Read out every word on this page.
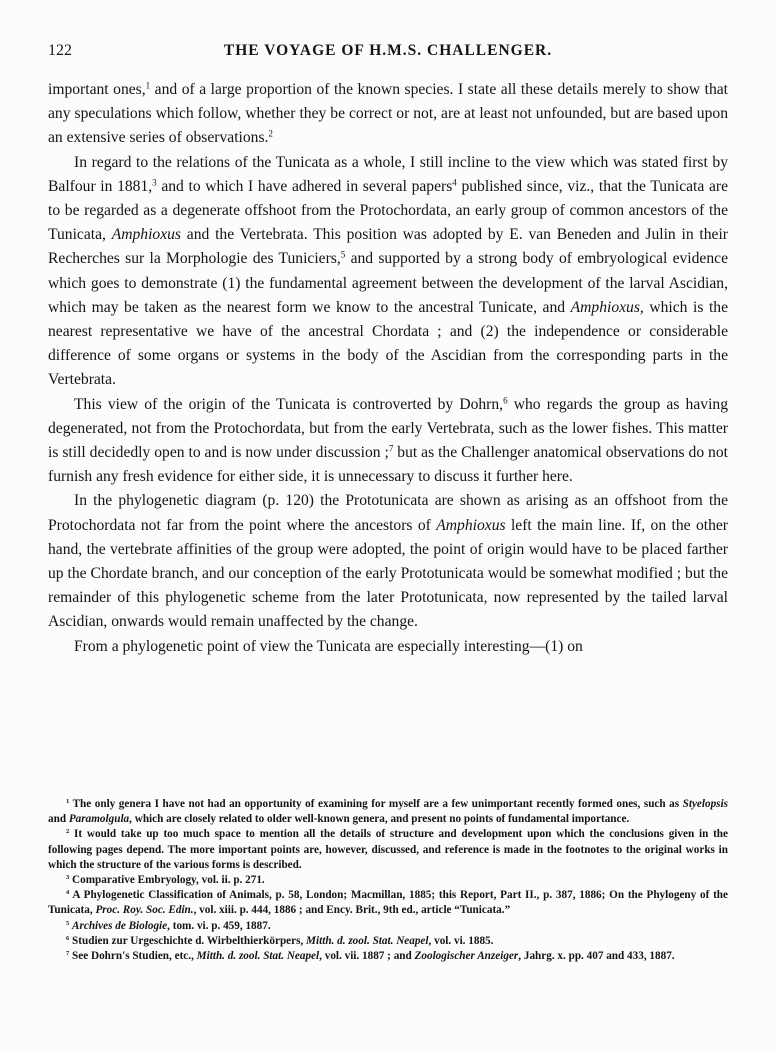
122	THE VOYAGE OF H.M.S. CHALLENGER.

important ones,$^1$ and of a large proportion of the known species. I state all these details merely to show that any speculations which follow, whether they be correct or not, are at least not unfounded, but are based upon an extensive series of observations.$^2$

In regard to the relations of the Tunicata as a whole, I still incline to the view which was stated first by Balfour in 1881,$^3$ and to which I have adhered in several papers$^4$ published since, viz., that the Tunicata are to be regarded as a degenerate offshoot from the Protochordata, an early group of common ancestors of the Tunicata, Amphioxus and the Vertebrata. This position was adopted by E. van Beneden and Julin in their Recherches sur la Morphologie des Tuniciers,$^5$ and supported by a strong body of embryological evidence which goes to demonstrate (1) the fundamental agreement between the development of the larval Ascidian, which may be taken as the nearest form we know to the ancestral Tunicate, and Amphioxus, which is the nearest representative we have of the ancestral Chordata ; and (2) the independence or considerable difference of some organs or systems in the body of the Ascidian from the corresponding parts in the Vertebrata.

This view of the origin of the Tunicata is controverted by Dohrn,$^6$ who regards the group as having degenerated, not from the Protochordata, but from the early Vertebrata, such as the lower fishes. This matter is still decidedly open to and is now under discussion ;$^7$ but as the Challenger anatomical observations do not furnish any fresh evidence for either side, it is unnecessary to discuss it further here.

In the phylogenetic diagram (p. 120) the Prototunicata are shown as arising as an offshoot from the Protochordata not far from the point where the ancestors of Amphioxus left the main line. If, on the other hand, the vertebrate affinities of the group were adopted, the point of origin would have to be placed farther up the Chordate branch, and our conception of the early Prototunicata would be somewhat modified ; but the remainder of this phylogenetic scheme from the later Prototunicata, now represented by the tailed larval Ascidian, onwards would remain unaffected by the change.

From a phylogenetic point of view the Tunicata are especially interesting—(1) on

$^1$ The only genera I have not had an opportunity of examining for myself are a few unimportant recently formed ones, such as Styelopsis and Paramolgula, which are closely related to older well-known genera, and present no points of fundamental importance.

$^2$ It would take up too much space to mention all the details of structure and development upon which the conclusions given in the following pages depend. The more important points are, however, discussed, and reference is made in the footnotes to the original works in which the structure of the various forms is described.

$^3$ Comparative Embryology, vol. ii. p. 271.

$^4$ A Phylogenetic Classification of Animals, p. 58, London; Macmillan, 1885; this Report, Part II., p. 387, 1886; On the Phylogeny of the Tunicata, Proc. Roy. Soc. Edin., vol. xiii. p. 444, 1886 ; and Ency. Brit., 9th ed., article “Tunicata.”

$^5$ Archives de Biologie, tom. vi. p. 459, 1887.

$^6$ Studien zur Urgeschichte d. Wirbelthierkörpers, Mitth. d. zool. Stat. Neapel, vol. vi. 1885.

$^7$ See Dohrn's Studien, etc., Mitth. d. zool. Stat. Neapel, vol. vii. 1887 ; and Zoologischer Anzeiger, Jahrg. x. pp. 407 and 433, 1887.
